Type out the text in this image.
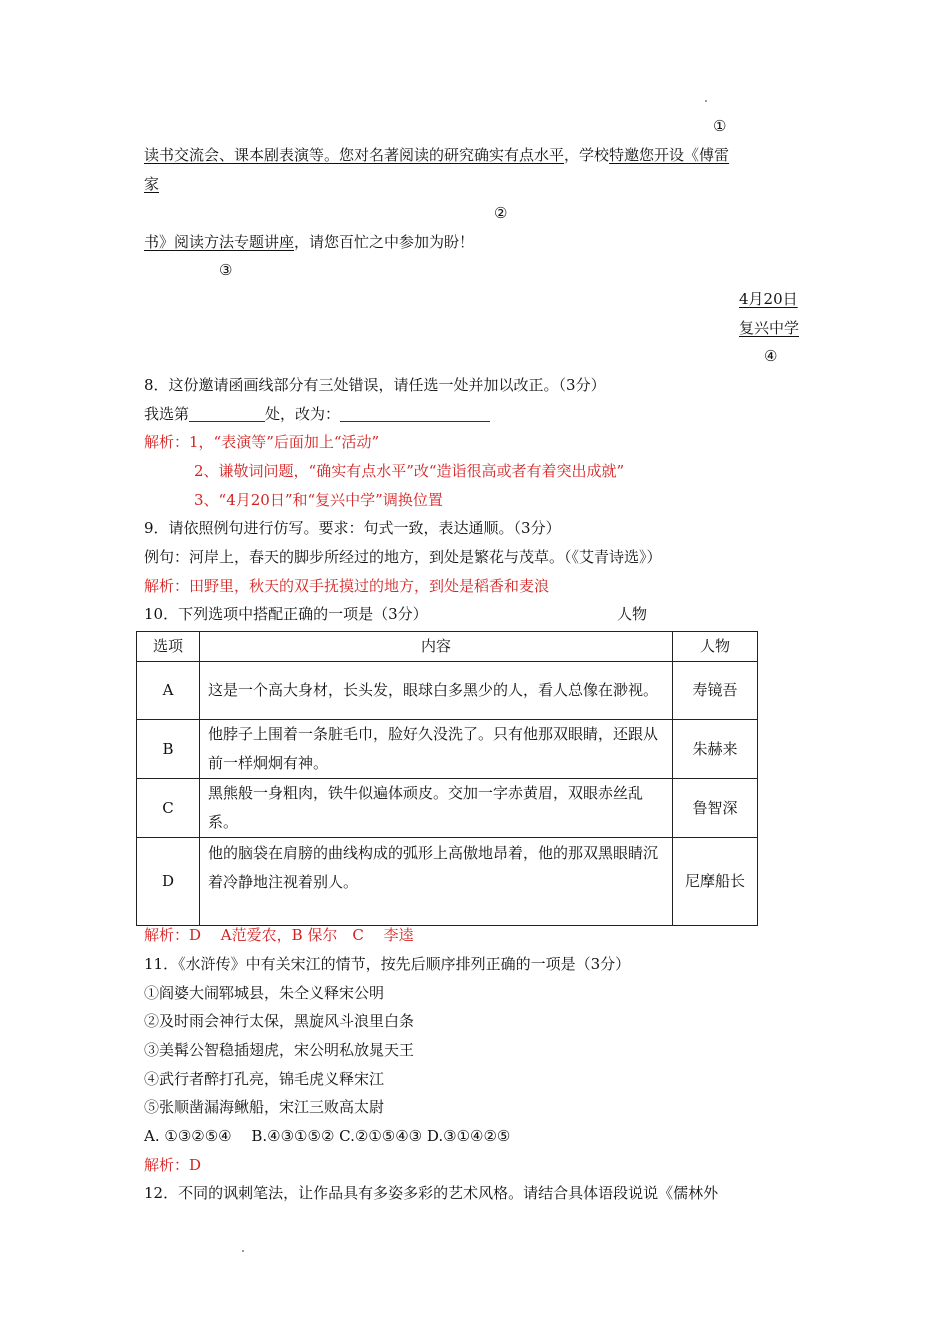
①
读书交流会、课本剧表演等。您对名著阅读的研究确实有点水平，学校特邀您开设《傅雷
家
②
书》阅读方法专题讲座，请您百忙之中参加为盼！
③
4月20日
复兴中学
④
8．这份邀请函画线部分有三处错误，请任选一处并加以改正。（3分）
我选第	处，改为：
解析：1，“表演等”后面加上“活动”
2、谦敬词问题，“确实有点水平”改“造诣很高或者有着突出成就”
3、“4月20日”和“复兴中学”调换位置
9．请依照例句进行仿写。要求：句式一致，表达通顺。（3分）
例句：河岸上，春天的脚步所经过的地方，到处是繁花与茂草。（《艾青诗选》）
解析：田野里，秋天的双手抚摸过的地方，到处是稻香和麦浪
10．下列选项中搭配正确的一项是（3分）	人物
选项	内容	人物
A	这是一个高大身材，长头发，眼球白多黑少的人，看人总像在渺视。	寿镜吾
B	他脖子上围着一条脏毛巾，脸好久没洗了。只有他那双眼睛，还跟从前一样炯炯有神。	朱赫来
C	黑熊般一身粗肉，铁牛似遍体顽皮。交加一字赤黄眉，双眼赤丝乱系。	鲁智深
D	他的脑袋在肩膀的曲线构成的弧形上高傲地昂着，他的那双黑眼睛沉着冷静地注视着别人。	尼摩船长
解析：D　 A范爱农，B 保尔　C　 李逵
11．《水浒传》中有关宋江的情节，按先后顺序排列正确的一项是（3分）
①阎婆大闹郓城县，朱仝义释宋公明
②及时雨会神行太保，黑旋风斗浪里白条
③美髯公智稳插翅虎，宋公明私放晁天王
④武行者醉打孔亮，锦毛虎义释宋江
⑤张顺凿漏海鳅船，宋江三败高太尉
A. ①③②⑤④　 B.④③①⑤② C.②①⑤④③ D.③①④②⑤
解析：D
12．不同的讽刺笔法，让作品具有多姿多彩的艺术风格。请结合具体语段说说《儒林外
